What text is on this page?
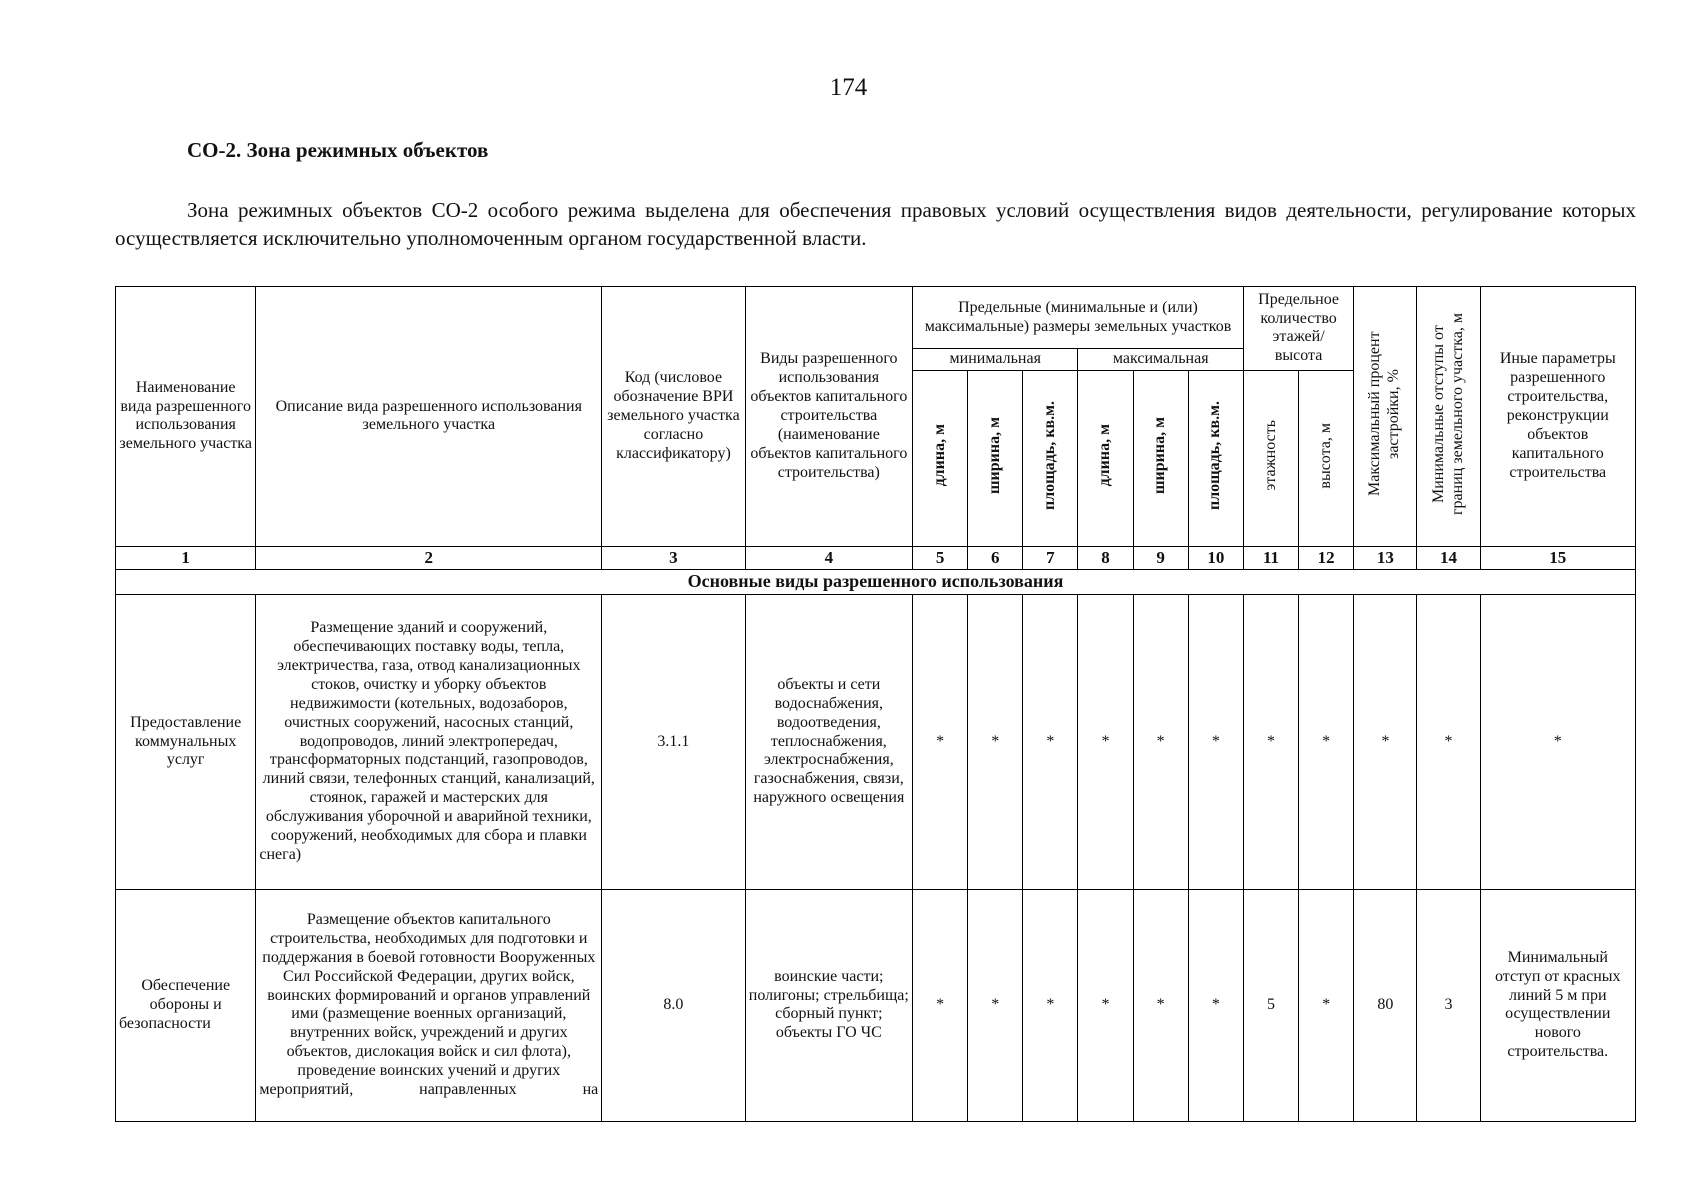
174
СО-2. Зона режимных объектов

Зона режимных объектов СО-2 особого режима выделена для обеспечения правовых условий осуществления видов деятельности, регулирование которых осуществляется исключительно уполномоченным органом государственной власти.

Наименование вида разрешенного использования земельного участка	Описание вида разрешенного использования земельного участка	Код (числовое обозначение ВРИ земельного участка согласно классификатору)	Виды разрешенного использования объектов капитального строительства (наименование объектов капитального строительства)	Предельные (минимальные и (или) максимальные) размеры земельных участков						Предельное количество этажей/ высота		Максимальный процент застройки, %	Минимальные отступы от границ земельного участка, м	Иные параметры разрешенного строительства, реконструкции объектов капитального строительства
				минимальная			максимальная							
				длина, м	ширина, м	площадь, кв.м.	длина, м	ширина, м	площадь, кв.м.	этажность	высота, м			
1	2	3	4	5	6	7	8	9	10	11	12	13	14	15
Основные виды разрешенного использования														
Предоставление коммунальных услуг	Размещение зданий и сооружений, обеспечивающих поставку воды, тепла, электричества, газа, отвод канализационных стоков, очистку и уборку объектов недвижимости (котельных, водозаборов, очистных сооружений, насосных станций, водопроводов, линий электропередач, трансформаторных подстанций, газопроводов, линий связи, телефонных станций, канализаций, стоянок, гаражей и мастерских для обслуживания уборочной и аварийной техники, сооружений, необходимых для сбора и плавки снега)	3.1.1	объекты и сети водоснабжения, водоотведения, теплоснабжения, электроснабжения, газоснабжения, связи, наружного освещения	*	*	*	*	*	*	*	*	*	*	*
Обеспечение обороны и безопасности	Размещение объектов капитального строительства, необходимых для подготовки и поддержания в боевой готовности Вооруженных Сил Российской Федерации, других войск, воинских формирований и органов управлений ими (размещение военных организаций, внутренних войск, учреждений и других объектов, дислокация войск и сил флота), проведение воинских учений и других мероприятий, направленных на	8.0	воинские части; полигоны; стрельбища; сборный пункт; объекты ГО ЧС	*	*	*	*	*	*	5	*	80	3	Минимальный отступ от красных линий 5 м при осуществлении нового строительства.
